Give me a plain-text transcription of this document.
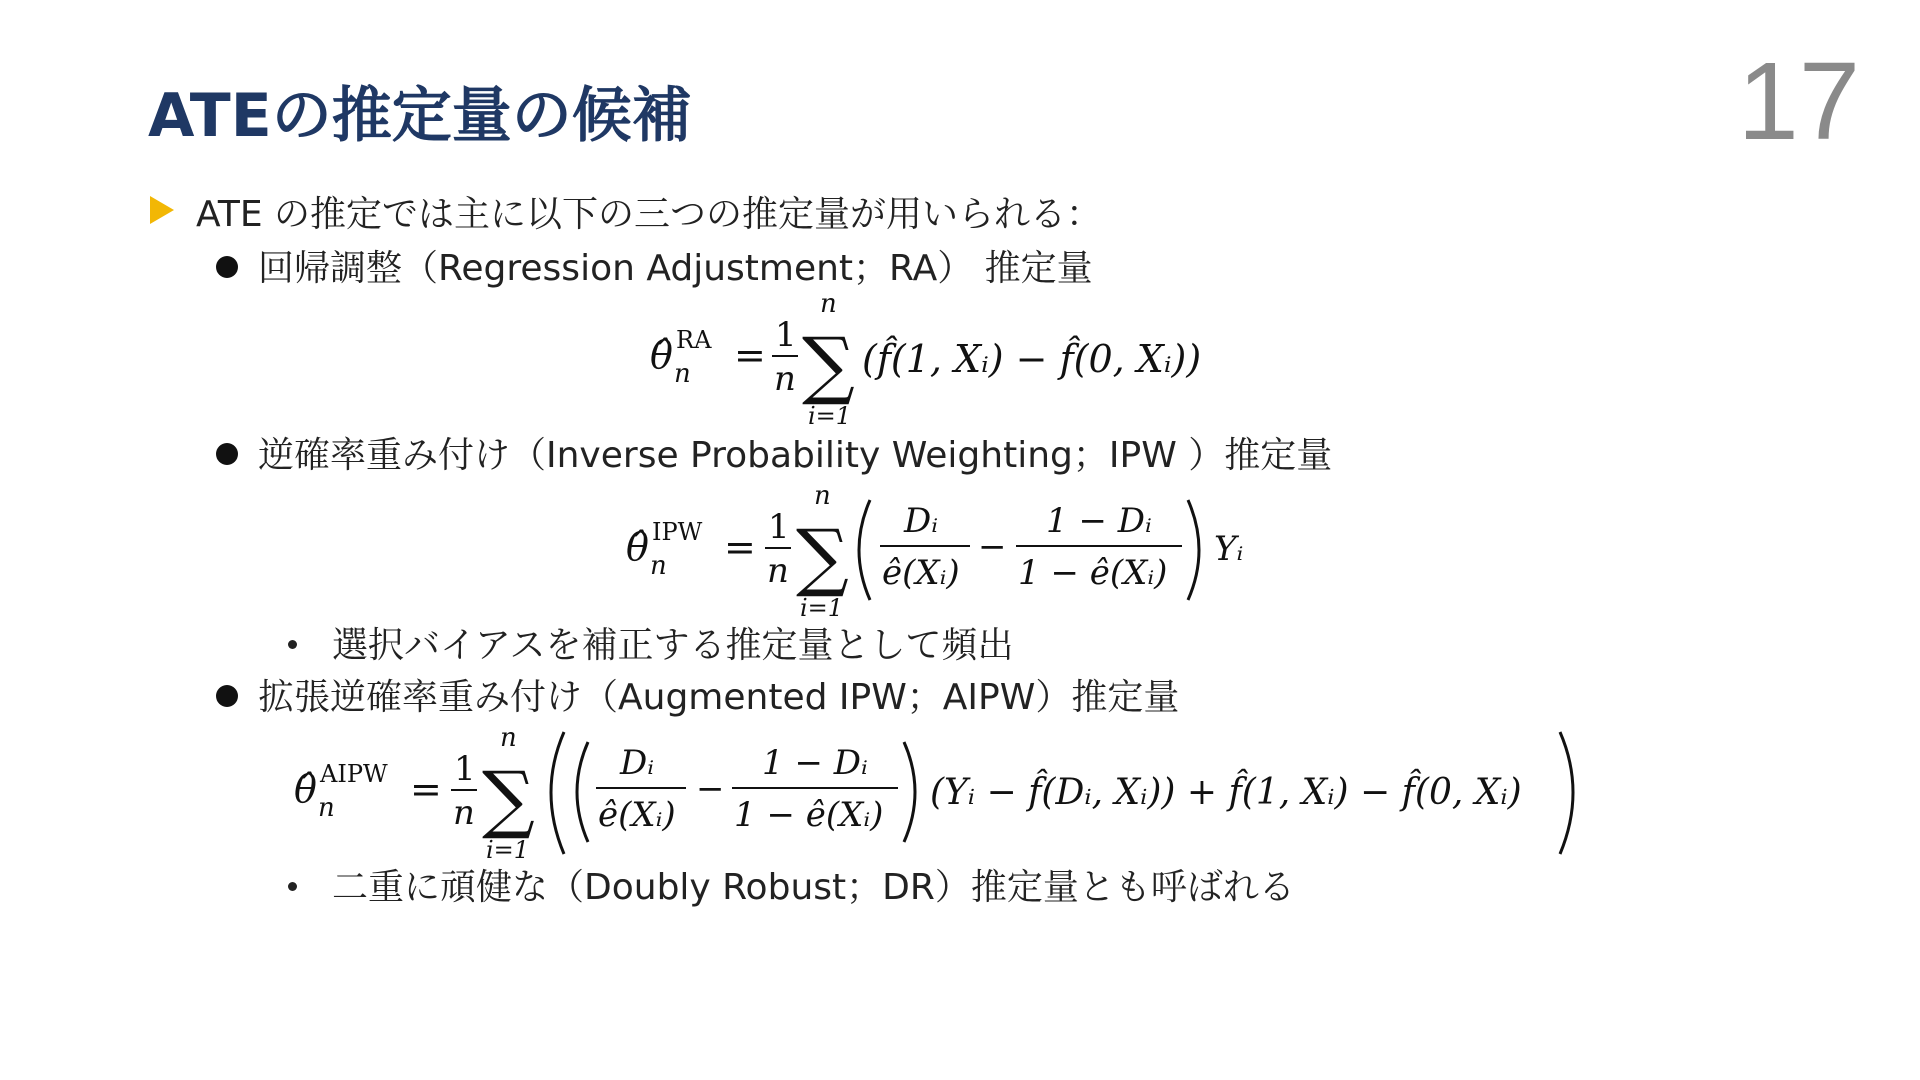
ATEの推定量の候補	17
ATE の推定では主に以下の三つの推定量が用いられる：
回帰調整（Regression Adjustment；RA） 推定量
θ̂ n
RA = 1
n
n
∑
i=1
(f̂(1, Xᵢ) − f̂(0, Xᵢ))
逆確率重み付け（Inverse Probability Weighting；IPW ）推定量
θ̂ n
IPW = 1
n
n
∑
i=1
Dᵢ
ê(Xᵢ)
−
1 − Dᵢ
1 − ê(Xᵢ)
Yᵢ
選択バイアスを補正する推定量として頻出
拡張逆確率重み付け（Augmented IPW；AIPW）推定量
θ̂ n
AIPW = 1
n
n
∑
i=1
Dᵢ
ê(Xᵢ)
−
1 − Dᵢ
1 − ê(Xᵢ)
(Yᵢ − f̂(Dᵢ, Xᵢ)) + f̂(1, Xᵢ) − f̂(0, Xᵢ)
二重に頑健な（Doubly Robust；DR）推定量とも呼ばれる
